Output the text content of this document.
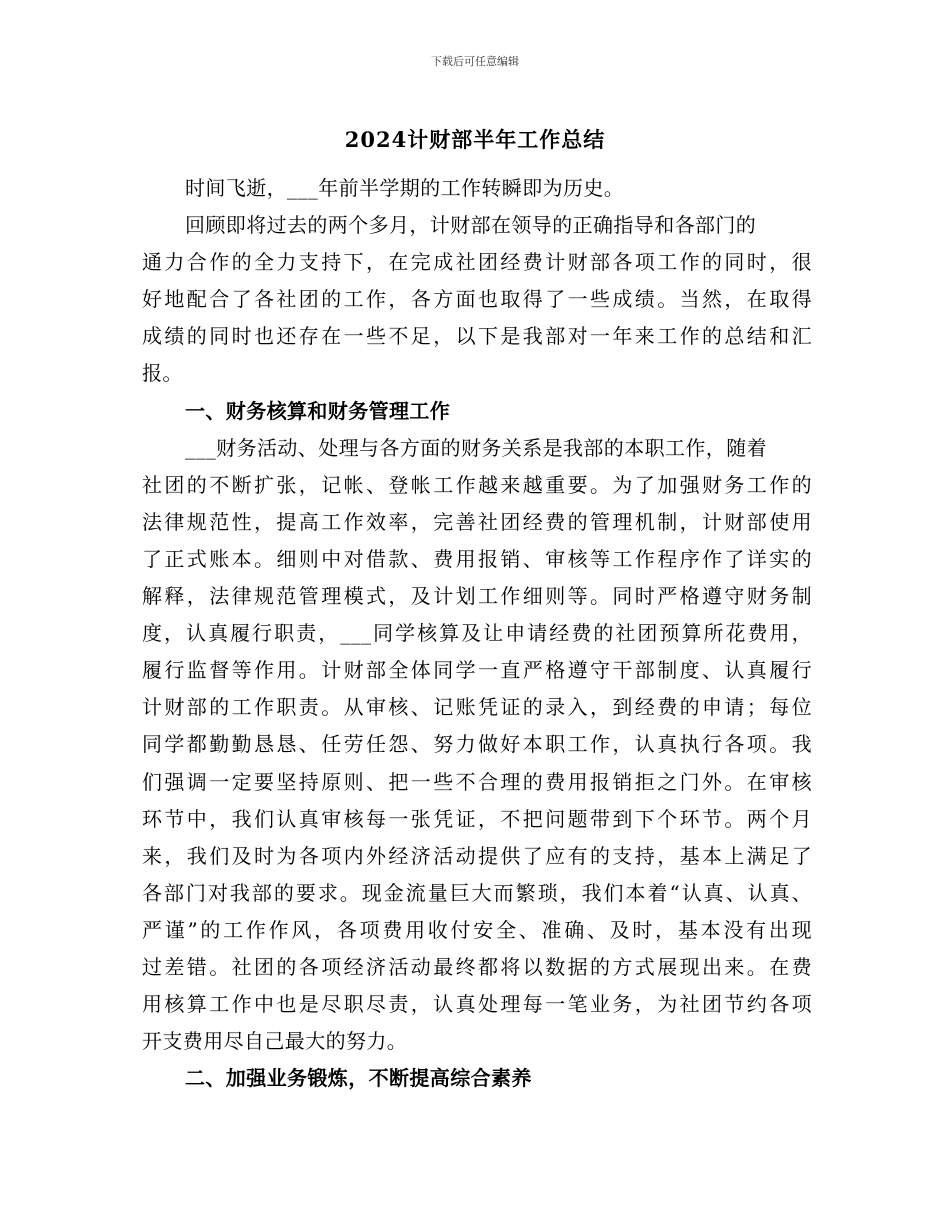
下载后可任意编辑
2024计财部半年工作总结
时间飞逝，___年前半学期的工作转瞬即为历史。
回顾即将过去的两个多月，计财部在领导的正确指导和各部门的
通力合作的全力支持下，在完成社团经费计财部各项工作的同时，很
好地配合了各社团的工作，各方面也取得了一些成绩。当然，在取得
成绩的同时也还存在一些不足，以下是我部对一年来工作的总结和汇
报。
一、财务核算和财务管理工作
___财务活动、处理与各方面的财务关系是我部的本职工作，随着
社团的不断扩张，记帐、登帐工作越来越重要。为了加强财务工作的
法律规范性，提高工作效率，完善社团经费的管理机制，计财部使用
了正式账本。细则中对借款、费用报销、审核等工作程序作了详实的
解释，法律规范管理模式，及计划工作细则等。同时严格遵守财务制
度，认真履行职责，___同学核算及让申请经费的社团预算所花费用，
履行监督等作用。计财部全体同学一直严格遵守干部制度、认真履行
计财部的工作职责。从审核、记账凭证的录入，到经费的申请；每位
同学都勤勤恳恳、任劳任怨、努力做好本职工作，认真执行各项。我
们强调一定要坚持原则、把一些不合理的费用报销拒之门外。在审核
环节中，我们认真审核每一张凭证，不把问题带到下个环节。两个月
来，我们及时为各项内外经济活动提供了应有的支持，基本上满足了
各部门对我部的要求。现金流量巨大而繁琐，我们本着“认真、认真、
严谨”的工作作风，各项费用收付安全、准确、及时，基本没有出现
过差错。社团的各项经济活动最终都将以数据的方式展现出来。在费
用核算工作中也是尽职尽责，认真处理每一笔业务，为社团节约各项
开支费用尽自己最大的努力。
二、加强业务锻炼，不断提高综合素养
